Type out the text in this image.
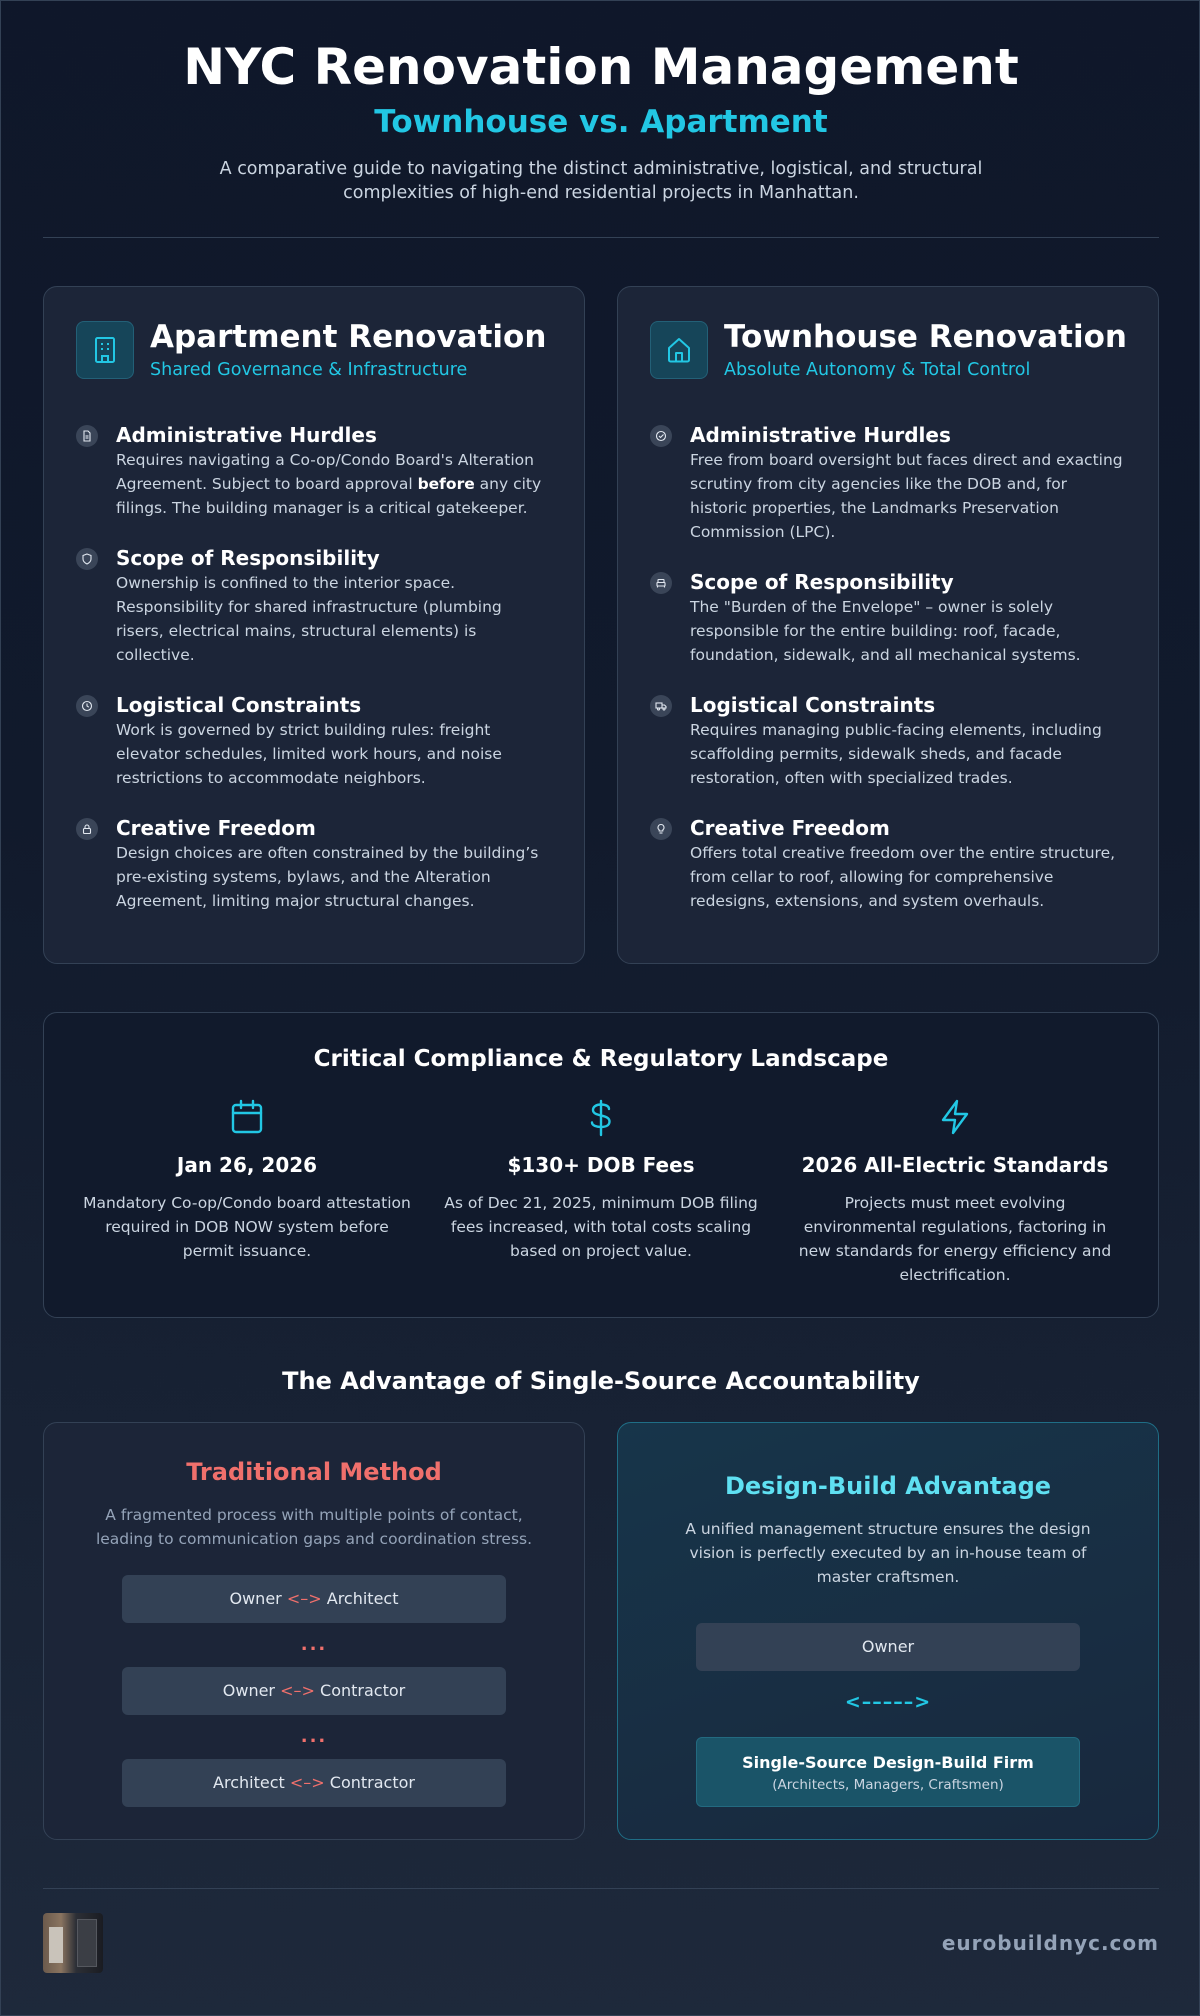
NYC Renovation Management
Townhouse vs. Apartment

A comparative guide to navigating the distinct administrative, logistical, and structural complexities of high-end residential projects in Manhattan.

Apartment Renovation
Shared Governance & Infrastructure
Administrative Hurdles
Requires navigating a Co-op/Condo Board's Alteration Agreement. Subject to board approval before any city filings. The building manager is a critical gatekeeper.
Scope of Responsibility
Ownership is confined to the interior space. Responsibility for shared infrastructure (plumbing risers, electrical mains, structural elements) is collective.
Logistical Constraints
Work is governed by strict building rules: freight elevator schedules, limited work hours, and noise restrictions to accommodate neighbors.
Creative Freedom
Design choices are often constrained by the building’s pre-existing systems, bylaws, and the Alteration Agreement, limiting major structural changes.
Townhouse Renovation
Absolute Autonomy & Total Control
Administrative Hurdles
Free from board oversight but faces direct and exacting scrutiny from city agencies like the DOB and, for historic properties, the Landmarks Preservation Commission (LPC).
Scope of Responsibility
The "Burden of the Envelope" – owner is solely responsible for the entire building: roof, facade, foundation, sidewalk, and all mechanical systems.
Logistical Constraints
Requires managing public-facing elements, including scaffolding permits, sidewalk sheds, and facade restoration, often with specialized trades.
Creative Freedom
Offers total creative freedom over the entire structure, from cellar to roof, allowing for comprehensive redesigns, extensions, and system overhauls.
Critical Compliance & Regulatory Landscape
Jan 26, 2026
Mandatory Co-op/Condo board attestation required in DOB NOW system before permit issuance.
$130+ DOB Fees
As of Dec 21, 2025, minimum DOB filing fees increased, with total costs scaling based on project value.
2026 All-Electric Standards
Projects must meet evolving environmental regulations, factoring in new standards for energy efficiency and electrification.
The Advantage of Single-Source Accountability
Traditional Method

A fragmented process with multiple points of contact, leading to communication gaps and coordination stress.

Owner <–> Architect
...
Owner <–> Contractor
...
Architect <–> Contractor
Design-Build Advantage

A unified management structure ensures the design vision is perfectly executed by an in-house team of master craftsmen.

Owner
<–––––>
Single-Source Design-Build Firm
(Architects, Managers, Craftsmen)
eurobuildnyc.com
